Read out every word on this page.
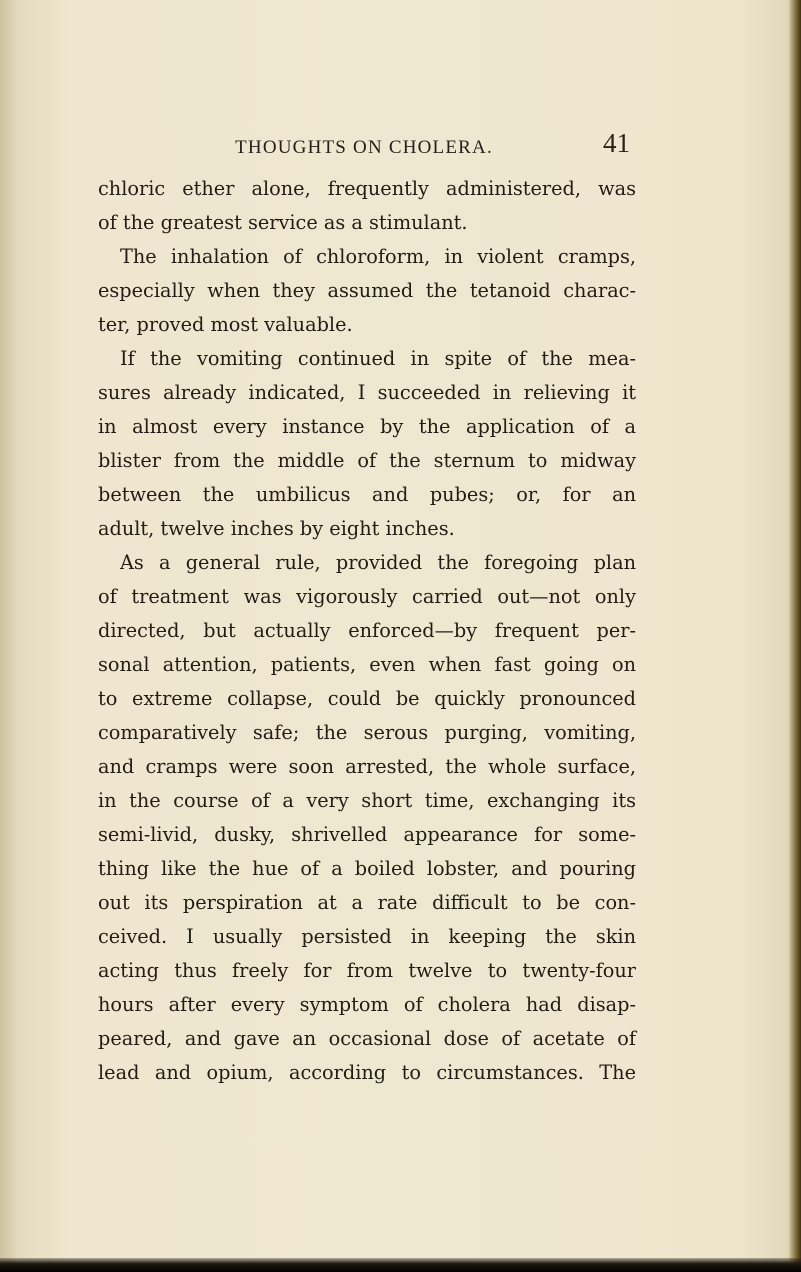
THOUGHTS ON CHOLERA.	41
chloric ether alone, frequently administered, was
of the greatest service as a stimulant.
The inhalation of chloroform, in violent cramps,
especially when they assumed the tetanoid charac-
ter, proved most valuable.
If the vomiting continued in spite of the mea-
sures already indicated, I succeeded in relieving it
in almost every instance by the application of a
blister from the middle of the sternum to midway
between the umbilicus and pubes; or, for an
adult, twelve inches by eight inches.
As a general rule, provided the foregoing plan
of treatment was vigorously carried out—not only
directed, but actually enforced—by frequent per-
sonal attention, patients, even when fast going on
to extreme collapse, could be quickly pronounced
comparatively safe; the serous purging, vomiting,
and cramps were soon arrested, the whole surface,
in the course of a very short time, exchanging its
semi-livid, dusky, shrivelled appearance for some-
thing like the hue of a boiled lobster, and pouring
out its perspiration at a rate difficult to be con-
ceived. I usually persisted in keeping the skin
acting thus freely for from twelve to twenty-four
hours after every symptom of cholera had disap-
peared, and gave an occasional dose of acetate of
lead and opium, according to circumstances. The
